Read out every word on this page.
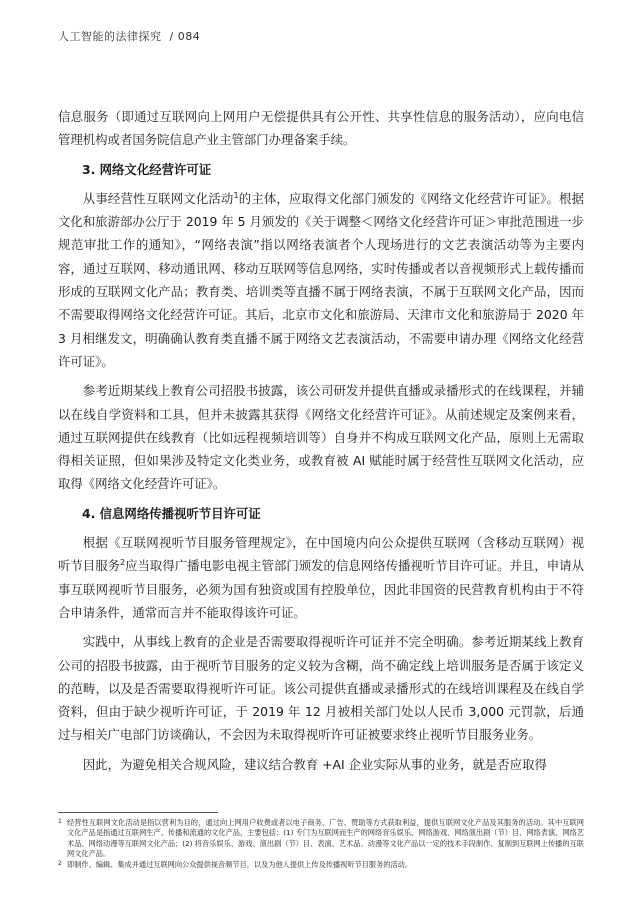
人工智能的法律探究 / 084

信息服务（即通过互联网向上网用户无偿提供具有公开性、共享性信息的服务活动），应向电信管理机构或者国务院信息产业主管部门办理备案手续。

3. 网络文化经营许可证

从事经营性互联网文化活动$^1$的主体，应取得文化部门颁发的《网络文化经营许可证》。根据文化和旅游部办公厅于 2019 年 5 月颁发的《关于调整＜网络文化经营许可证＞审批范围进一步规范审批工作的通知》，“网络表演”指以网络表演者个人现场进行的文艺表演活动等为主要内容，通过互联网、移动通讯网、移动互联网等信息网络，实时传播或者以音视频形式上载传播而形成的互联网文化产品；教育类、培训类等直播不属于网络表演，不属于互联网文化产品，因而不需要取得网络文化经营许可证。其后，北京市文化和旅游局、天津市文化和旅游局于 2020 年 3 月相继发文，明确确认教育类直播不属于网络文艺表演活动，不需要申请办理《网络文化经营许可证》。

参考近期某线上教育公司招股书披露，该公司研发并提供直播或录播形式的在线课程，并辅以在线自学资料和工具，但并未披露其获得《网络文化经营许可证》。从前述规定及案例来看，通过互联网提供在线教育（比如远程视频培训等）自身并不构成互联网文化产品，原则上无需取得相关证照，但如果涉及特定文化类业务，或教育被 AI 赋能时属于经营性互联网文化活动，应取得《网络文化经营许可证》。

4. 信息网络传播视听节目许可证

根据《互联网视听节目服务管理规定》，在中国境内向公众提供互联网（含移动互联网）视听节目服务$^2$应当取得广播电影电视主管部门颁发的信息网络传播视听节目许可证。并且，申请从事互联网视听节目服务，必须为国有独资或国有控股单位，因此非国资的民营教育机构由于不符合申请条件，通常而言并不能取得该许可证。

实践中，从事线上教育的企业是否需要取得视听许可证并不完全明确。参考近期某线上教育公司的招股书披露，由于视听节目服务的定义较为含糊，尚不确定线上培训服务是否属于该定义的范畴，以及是否需要取得视听许可证。该公司提供直播或录播形式的在线培训课程及在线自学资料，但由于缺少视听许可证，于 2019 年 12 月被相关部门处以人民币 3,000 元罚款，后通过与相关广电部门访谈确认，不会因为未取得视听许可证被要求终止视听节目服务业务。

因此，为避免相关合规风险，建议结合教育 +AI 企业实际从事的业务，就是否应取得

1 经营性互联网文化活动是指以营利为目的，通过向上网用户收费或者以电子商务、广告、赞助等方式获取利益，提供互联网文化产品及其服务的活动。其中互联网文化产品是指通过互联网生产、传播和流通的文化产品，主要包括：(1) 专门为互联网而生产的网络音乐娱乐、网络游戏、网络演出剧（节）目、网络表演、网络艺术品、网络动漫等互联网文化产品；(2) 将音乐娱乐、游戏、演出剧（节）目、表演、艺术品、动漫等文化产品以一定的技术手段制作、复制到互联网上传播的互联网文化产品。
2 即制作、编辑、集成并通过互联网向公众提供视音频节目，以及为他人提供上传及传播视听节目服务的活动。
